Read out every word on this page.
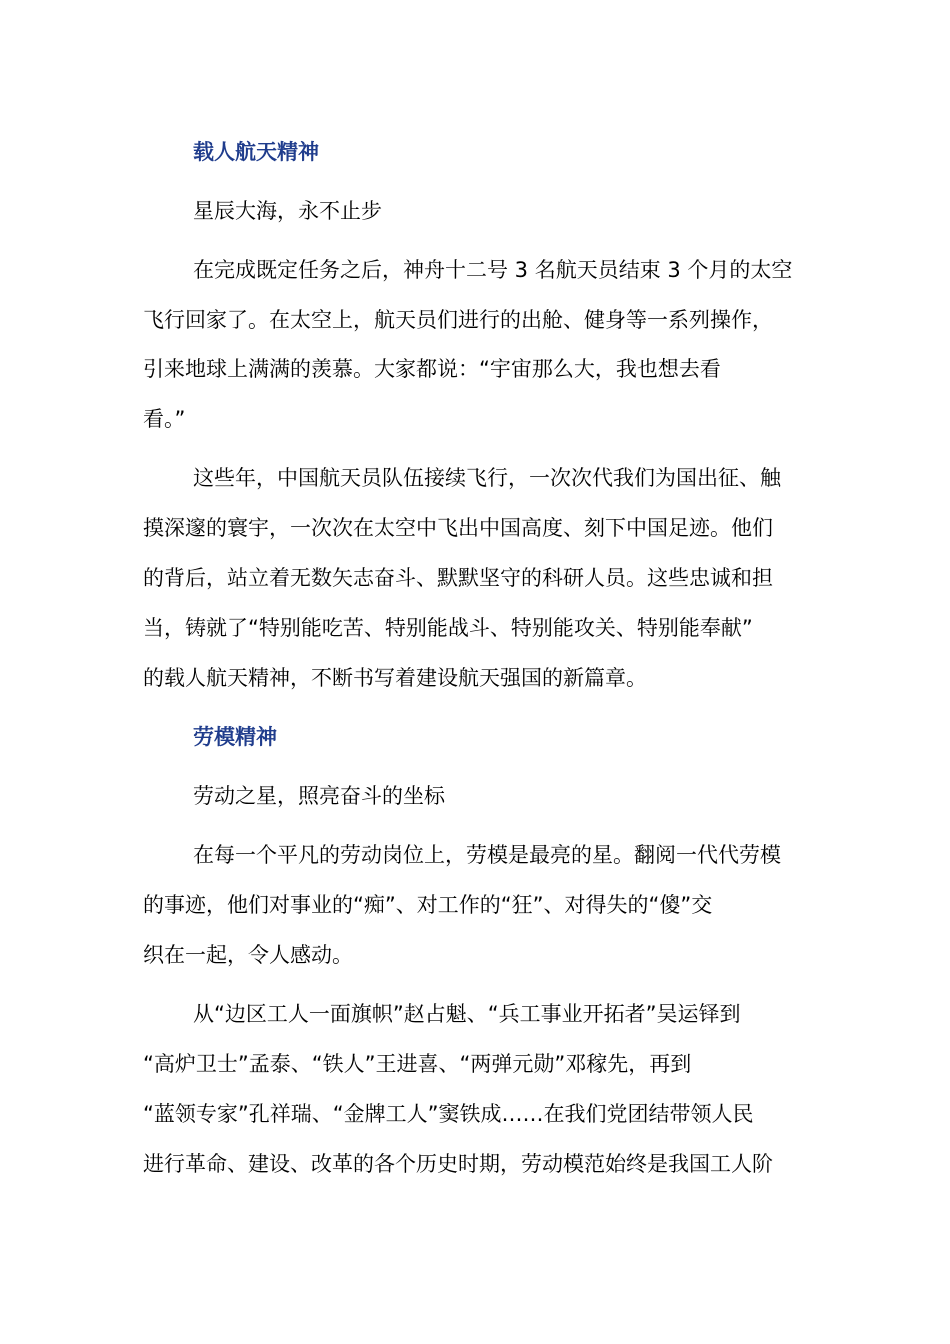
载人航天精神
星辰大海，永不止步
在完成既定任务之后，神舟十二号 3 名航天员结束 3 个月的太空
飞行回家了。在太空上，航天员们进行的出舱、健身等一系列操作，
引来地球上满满的羡慕。大家都说：“宇宙那么大，我也想去看
看。”
这些年，中国航天员队伍接续飞行，一次次代我们为国出征、触
摸深邃的寰宇，一次次在太空中飞出中国高度、刻下中国足迹。他们
的背后，站立着无数矢志奋斗、默默坚守的科研人员。这些忠诚和担
当，铸就了“特别能吃苦、特别能战斗、特别能攻关、特别能奉献”
的载人航天精神，不断书写着建设航天强国的新篇章。
劳模精神
劳动之星，照亮奋斗的坐标
在每一个平凡的劳动岗位上，劳模是最亮的星。翻阅一代代劳模
的事迹，他们对事业的“痴”、对工作的“狂”、对得失的“傻”交
织在一起，令人感动。
从“边区工人一面旗帜”赵占魁、“兵工事业开拓者”吴运铎到
“高炉卫士”孟泰、“铁人”王进喜、“两弹元勋”邓稼先，再到
“蓝领专家”孔祥瑞、“金牌工人”窦铁成……在我们党团结带领人民
进行革命、建设、改革的各个历史时期，劳动模范始终是我国工人阶
